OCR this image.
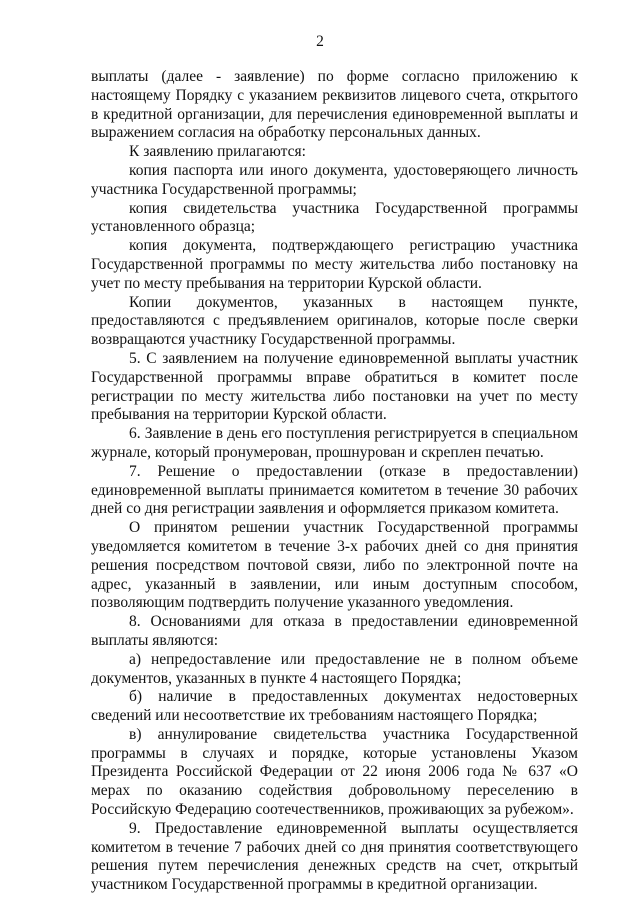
2

выплаты (далее - заявление) по форме согласно приложению к настоящему Порядку с указанием реквизитов лицевого счета, открытого в кредитной организации, для перечисления единовременной выплаты и выражением согласия на обработку персональных данных.

К заявлению прилагаются:

копия паспорта или иного документа, удостоверяющего личность участника Государственной программы;

копия свидетельства участника Государственной программы установленного образца;

копия документа, подтверждающего регистрацию участника Государственной программы по месту жительства либо постановку на учет по месту пребывания на территории Курской области.

Копии документов, указанных в настоящем пункте, предоставляются с предъявлением оригиналов, которые после сверки возвращаются участнику Государственной программы.

5. С заявлением на получение единовременной выплаты участник Государственной программы вправе обратиться в комитет после регистрации по месту жительства либо постановки на учет по месту пребывания на территории Курской области.

6. Заявление в день его поступления регистрируется в специальном журнале, который пронумерован, прошнурован и скреплен печатью.

7. Решение о предоставлении (отказе в предоставлении) единовременной выплаты принимается комитетом в течение 30 рабочих дней со дня регистрации заявления и оформляется приказом комитета.

О принятом решении участник Государственной программы уведомляется комитетом в течение 3-х рабочих дней со дня принятия решения посредством почтовой связи, либо по электронной почте на адрес, указанный в заявлении, или иным доступным способом, позволяющим подтвердить получение указанного уведомления.

8. Основаниями для отказа в предоставлении единовременной выплаты являются:

а) непредоставление или предоставление не в полном объеме документов, указанных в пункте 4 настоящего Порядка;

б) наличие в предоставленных документах недостоверных сведений или несоответствие их требованиям настоящего Порядка;

в) аннулирование свидетельства участника Государственной программы в случаях и порядке, которые установлены Указом Президента Российской Федерации от 22 июня 2006 года № 637 «О мерах по оказанию содействия добровольному переселению в Российскую Федерацию соотечественников, проживающих за рубежом».

9. Предоставление единовременной выплаты осуществляется комитетом в течение 7 рабочих дней со дня принятия соответствующего решения путем перечисления денежных средств на счет, открытый участником Государственной программы в кредитной организации.
